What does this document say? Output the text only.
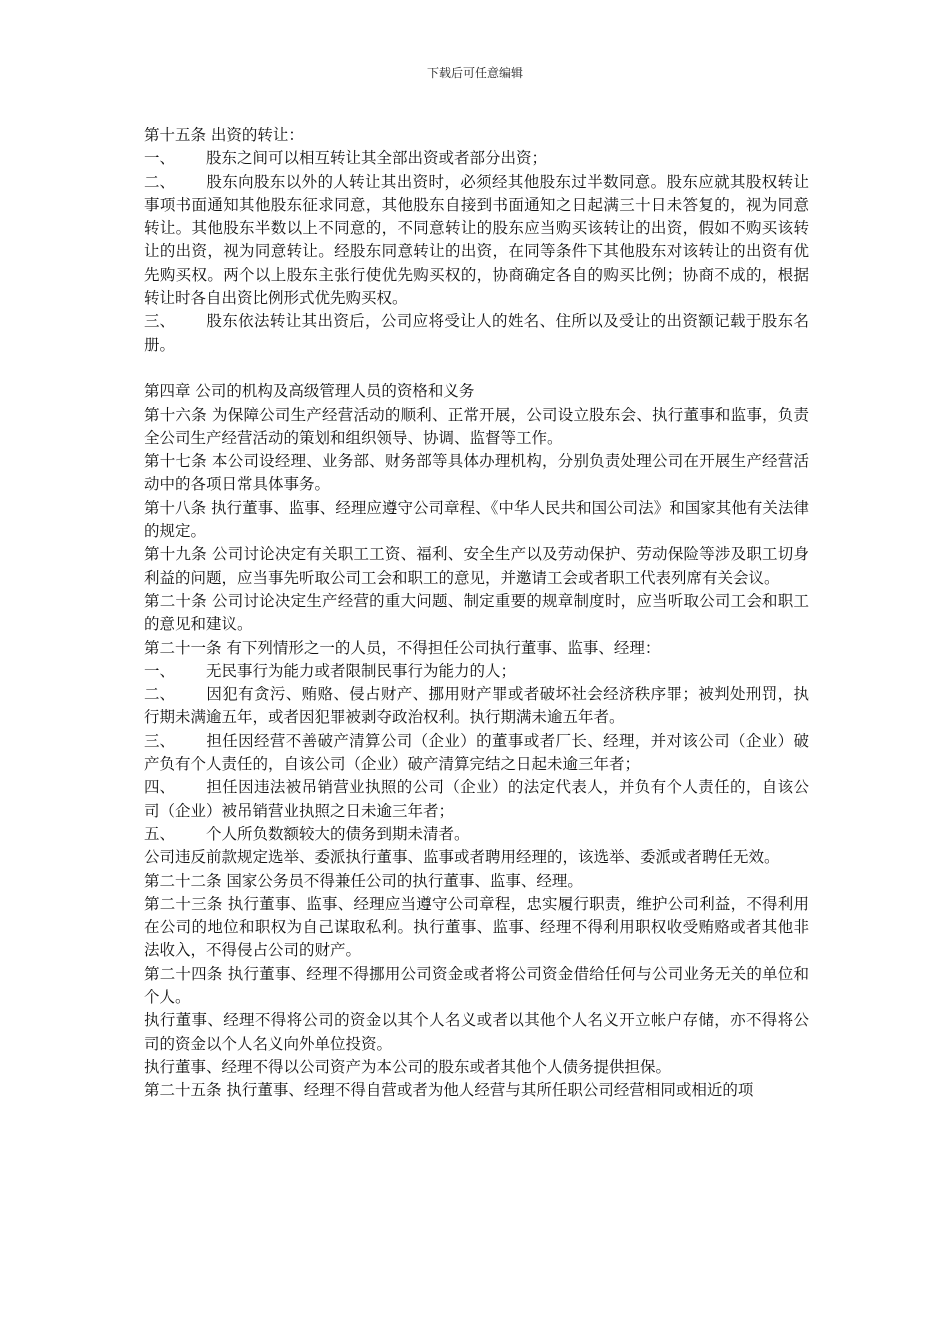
下载后可任意编辑

第十五条 出资的转让：

一、 股东之间可以相互转让其全部出资或者部分出资；

二、 股东向股东以外的人转让其出资时，必须经其他股东过半数同意。股东应就其股权转让事项书面通知其他股东征求同意，其他股东自接到书面通知之日起满三十日未答复的，视为同意转让。其他股东半数以上不同意的，不同意转让的股东应当购买该转让的出资，假如不购买该转让的出资，视为同意转让。经股东同意转让的出资，在同等条件下其他股东对该转让的出资有优先购买权。两个以上股东主张行使优先购买权的，协商确定各自的购买比例；协商不成的，根据转让时各自出资比例形式优先购买权。

三、 股东依法转让其出资后，公司应将受让人的姓名、住所以及受让的出资额记载于股东名册。

第四章 公司的机构及高级管理人员的资格和义务

第十六条 为保障公司生产经营活动的顺利、正常开展，公司设立股东会、执行董事和监事，负责全公司生产经营活动的策划和组织领导、协调、监督等工作。

第十七条 本公司设经理、业务部、财务部等具体办理机构，分别负责处理公司在开展生产经营活动中的各项日常具体事务。

第十八条 执行董事、监事、经理应遵守公司章程、《中华人民共和国公司法》和国家其他有关法律的规定。

第十九条 公司讨论决定有关职工工资、福利、安全生产以及劳动保护、劳动保险等涉及职工切身利益的问题，应当事先听取公司工会和职工的意见，并邀请工会或者职工代表列席有关会议。

第二十条 公司讨论决定生产经营的重大问题、制定重要的规章制度时，应当听取公司工会和职工的意见和建议。

第二十一条 有下列情形之一的人员，不得担任公司执行董事、监事、经理：

一、 无民事行为能力或者限制民事行为能力的人；

二、 因犯有贪污、贿赂、侵占财产、挪用财产罪或者破坏社会经济秩序罪；被判处刑罚，执行期未满逾五年，或者因犯罪被剥夺政治权利。执行期满未逾五年者。

三、 担任因经营不善破产清算公司（企业）的董事或者厂长、经理，并对该公司（企业）破产负有个人责任的，自该公司（企业）破产清算完结之日起未逾三年者；

四、 担任因违法被吊销营业执照的公司（企业）的法定代表人，并负有个人责任的，自该公司（企业）被吊销营业执照之日未逾三年者；

五、 个人所负数额较大的债务到期未清者。

公司违反前款规定选举、委派执行董事、监事或者聘用经理的，该选举、委派或者聘任无效。

第二十二条 国家公务员不得兼任公司的执行董事、监事、经理。

第二十三条 执行董事、监事、经理应当遵守公司章程，忠实履行职责，维护公司利益，不得利用在公司的地位和职权为自己谋取私利。执行董事、监事、经理不得利用职权收受贿赂或者其他非法收入，不得侵占公司的财产。

第二十四条 执行董事、经理不得挪用公司资金或者将公司资金借给任何与公司业务无关的单位和个人。

执行董事、经理不得将公司的资金以其个人名义或者以其他个人名义开立帐户存储，亦不得将公司的资金以个人名义向外单位投资。

执行董事、经理不得以公司资产为本公司的股东或者其他个人债务提供担保。

第二十五条 执行董事、经理不得自营或者为他人经营与其所任职公司经营相同或相近的项
